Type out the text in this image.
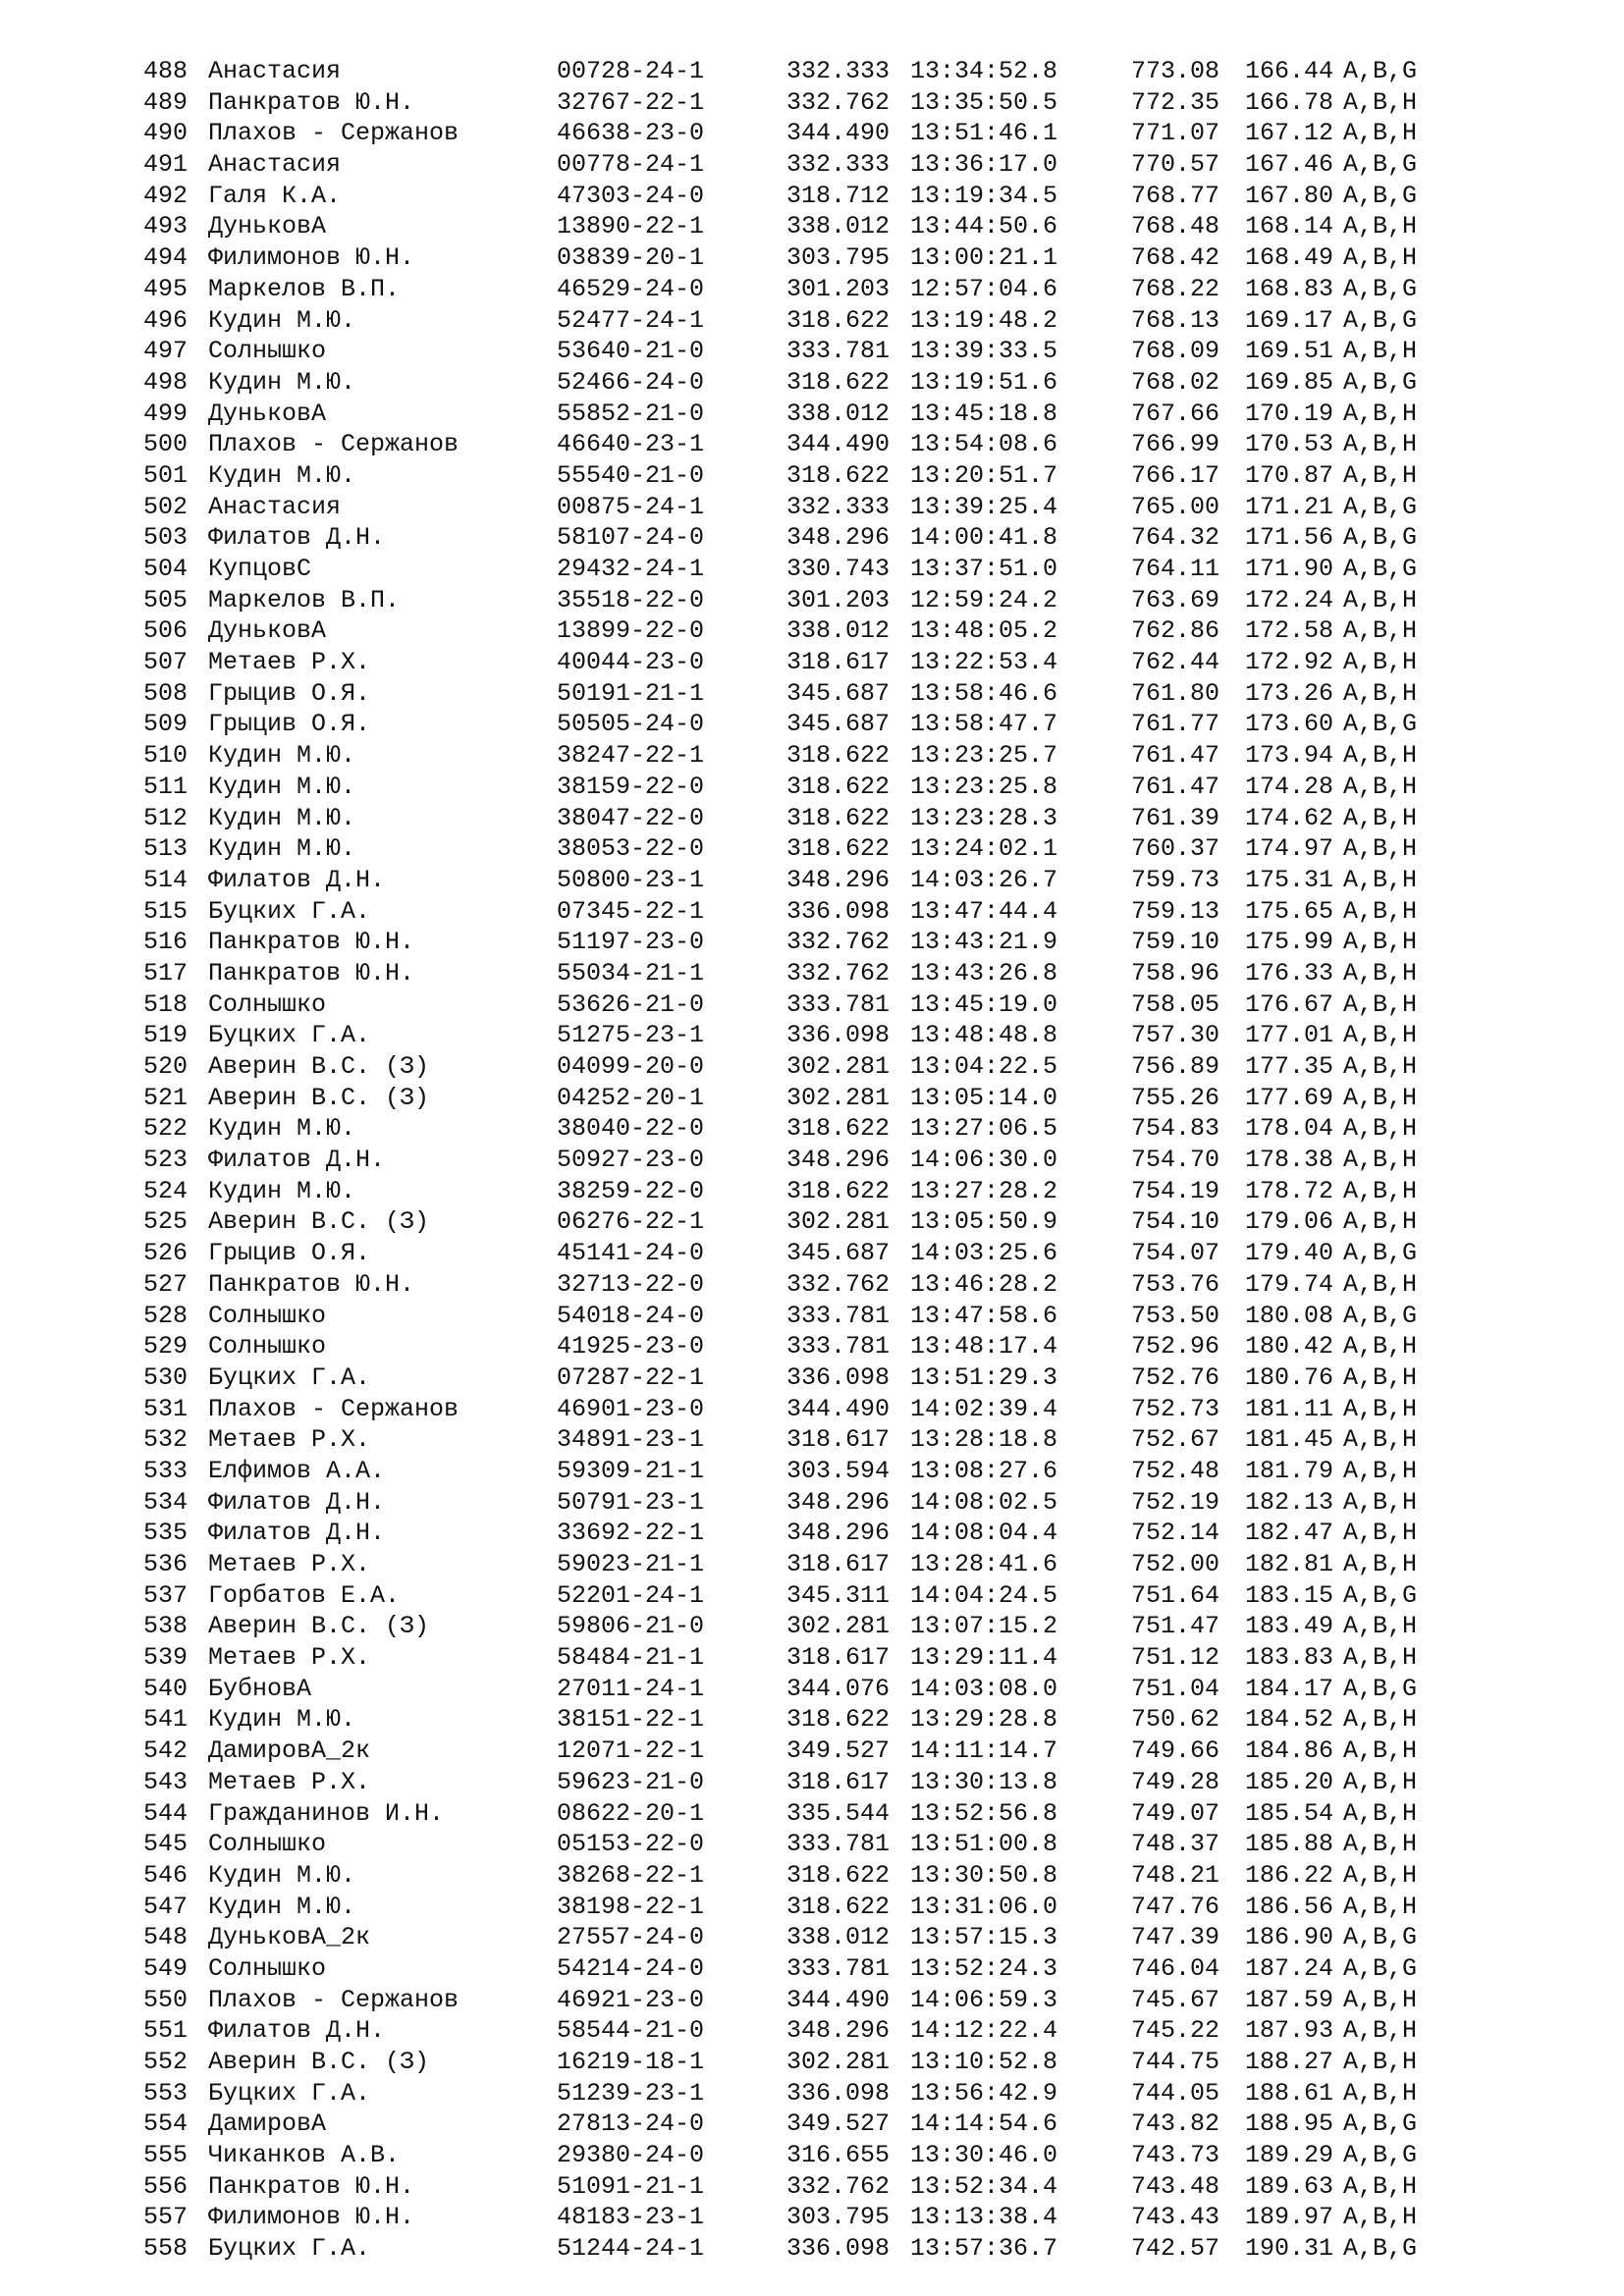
488 Анастасия	00728-24-1	332.333 13:34:52.8	773.08 166.44 A,B,G
489 Панкратов Ю.Н.	32767-22-1	332.762 13:35:50.5	772.35 166.78 A,B,H
490 Плахов - Сержанов	46638-23-0	344.490 13:51:46.1	771.07 167.12 A,B,H
491 Анастасия	00778-24-1	332.333 13:36:17.0	770.57 167.46 A,B,G
492 Галя К.А.	47303-24-0	318.712 13:19:34.5	768.77 167.80 A,B,G
493 ДуньковА	13890-22-1	338.012 13:44:50.6	768.48 168.14 A,B,H
494 Филимонов Ю.Н.	03839-20-1	303.795 13:00:21.1	768.42 168.49 A,B,H
495 Маркелов В.П.	46529-24-0	301.203 12:57:04.6	768.22 168.83 A,B,G
496 Кудин М.Ю.	52477-24-1	318.622 13:19:48.2	768.13 169.17 A,B,G
497 Солнышко	53640-21-0	333.781 13:39:33.5	768.09 169.51 A,B,H
498 Кудин М.Ю.	52466-24-0	318.622 13:19:51.6	768.02 169.85 A,B,G
499 ДуньковА	55852-21-0	338.012 13:45:18.8	767.66 170.19 A,B,H
500 Плахов - Сержанов	46640-23-1	344.490 13:54:08.6	766.99 170.53 A,B,H
501 Кудин М.Ю.	55540-21-0	318.622 13:20:51.7	766.17 170.87 A,B,H
502 Анастасия	00875-24-1	332.333 13:39:25.4	765.00 171.21 A,B,G
503 Филатов Д.Н.	58107-24-0	348.296 14:00:41.8	764.32 171.56 A,B,G
504 КупцовС	29432-24-1	330.743 13:37:51.0	764.11 171.90 A,B,G
505 Маркелов В.П.	35518-22-0	301.203 12:59:24.2	763.69 172.24 A,B,H
506 ДуньковА	13899-22-0	338.012 13:48:05.2	762.86 172.58 A,B,H
507 Метаев Р.Х.	40044-23-0	318.617 13:22:53.4	762.44 172.92 A,B,H
508 Грыцив О.Я.	50191-21-1	345.687 13:58:46.6	761.80 173.26 A,B,H
509 Грыцив О.Я.	50505-24-0	345.687 13:58:47.7	761.77 173.60 A,B,G
510 Кудин М.Ю.	38247-22-1	318.622 13:23:25.7	761.47 173.94 A,B,H
511 Кудин М.Ю.	38159-22-0	318.622 13:23:25.8	761.47 174.28 A,B,H
512 Кудин М.Ю.	38047-22-0	318.622 13:23:28.3	761.39 174.62 A,B,H
513 Кудин М.Ю.	38053-22-0	318.622 13:24:02.1	760.37 174.97 A,B,H
514 Филатов Д.Н.	50800-23-1	348.296 14:03:26.7	759.73 175.31 A,B,H
515 Буцких Г.А.	07345-22-1	336.098 13:47:44.4	759.13 175.65 A,B,H
516 Панкратов Ю.Н.	51197-23-0	332.762 13:43:21.9	759.10 175.99 A,B,H
517 Панкратов Ю.Н.	55034-21-1	332.762 13:43:26.8	758.96 176.33 A,B,H
518 Солнышко	53626-21-0	333.781 13:45:19.0	758.05 176.67 A,B,H
519 Буцких Г.А.	51275-23-1	336.098 13:48:48.8	757.30 177.01 A,B,H
520 Аверин В.С. (З)	04099-20-0	302.281 13:04:22.5	756.89 177.35 A,B,H
521 Аверин В.С. (З)	04252-20-1	302.281 13:05:14.0	755.26 177.69 A,B,H
522 Кудин М.Ю.	38040-22-0	318.622 13:27:06.5	754.83 178.04 A,B,H
523 Филатов Д.Н.	50927-23-0	348.296 14:06:30.0	754.70 178.38 A,B,H
524 Кудин М.Ю.	38259-22-0	318.622 13:27:28.2	754.19 178.72 A,B,H
525 Аверин В.С. (З)	06276-22-1	302.281 13:05:50.9	754.10 179.06 A,B,H
526 Грыцив О.Я.	45141-24-0	345.687 14:03:25.6	754.07 179.40 A,B,G
527 Панкратов Ю.Н.	32713-22-0	332.762 13:46:28.2	753.76 179.74 A,B,H
528 Солнышко	54018-24-0	333.781 13:47:58.6	753.50 180.08 A,B,G
529 Солнышко	41925-23-0	333.781 13:48:17.4	752.96 180.42 A,B,H
530 Буцких Г.А.	07287-22-1	336.098 13:51:29.3	752.76 180.76 A,B,H
531 Плахов - Сержанов	46901-23-0	344.490 14:02:39.4	752.73 181.11 A,B,H
532 Метаев Р.Х.	34891-23-1	318.617 13:28:18.8	752.67 181.45 A,B,H
533 Елфимов А.А.	59309-21-1	303.594 13:08:27.6	752.48 181.79 A,B,H
534 Филатов Д.Н.	50791-23-1	348.296 14:08:02.5	752.19 182.13 A,B,H
535 Филатов Д.Н.	33692-22-1	348.296 14:08:04.4	752.14 182.47 A,B,H
536 Метаев Р.Х.	59023-21-1	318.617 13:28:41.6	752.00 182.81 A,B,H
537 Горбатов Е.А.	52201-24-1	345.311 14:04:24.5	751.64 183.15 A,B,G
538 Аверин В.С. (З)	59806-21-0	302.281 13:07:15.2	751.47 183.49 A,B,H
539 Метаев Р.Х.	58484-21-1	318.617 13:29:11.4	751.12 183.83 A,B,H
540 БубновА	27011-24-1	344.076 14:03:08.0	751.04 184.17 A,B,G
541 Кудин М.Ю.	38151-22-1	318.622 13:29:28.8	750.62 184.52 A,B,H
542 ДамировА_2к	12071-22-1	349.527 14:11:14.7	749.66 184.86 A,B,H
543 Метаев Р.Х.	59623-21-0	318.617 13:30:13.8	749.28 185.20 A,B,H
544 Гражданинов И.Н.	08622-20-1	335.544 13:52:56.8	749.07 185.54 A,B,H
545 Солнышко	05153-22-0	333.781 13:51:00.8	748.37 185.88 A,B,H
546 Кудин М.Ю.	38268-22-1	318.622 13:30:50.8	748.21 186.22 A,B,H
547 Кудин М.Ю.	38198-22-1	318.622 13:31:06.0	747.76 186.56 A,B,H
548 ДуньковА_2к	27557-24-0	338.012 13:57:15.3	747.39 186.90 A,B,G
549 Солнышко	54214-24-0	333.781 13:52:24.3	746.04 187.24 A,B,G
550 Плахов - Сержанов	46921-23-0	344.490 14:06:59.3	745.67 187.59 A,B,H
551 Филатов Д.Н.	58544-21-0	348.296 14:12:22.4	745.22 187.93 A,B,H
552 Аверин В.С. (З)	16219-18-1	302.281 13:10:52.8	744.75 188.27 A,B,H
553 Буцких Г.А.	51239-23-1	336.098 13:56:42.9	744.05 188.61 A,B,H
554 ДамировА	27813-24-0	349.527 14:14:54.6	743.82 188.95 A,B,G
555 Чиканков А.В.	29380-24-0	316.655 13:30:46.0	743.73 189.29 A,B,G
556 Панкратов Ю.Н.	51091-21-1	332.762 13:52:34.4	743.48 189.63 A,B,H
557 Филимонов Ю.Н.	48183-23-1	303.795 13:13:38.4	743.43 189.97 A,B,H
558 Буцких Г.А.	51244-24-1	336.098 13:57:36.7	742.57 190.31 A,B,G
